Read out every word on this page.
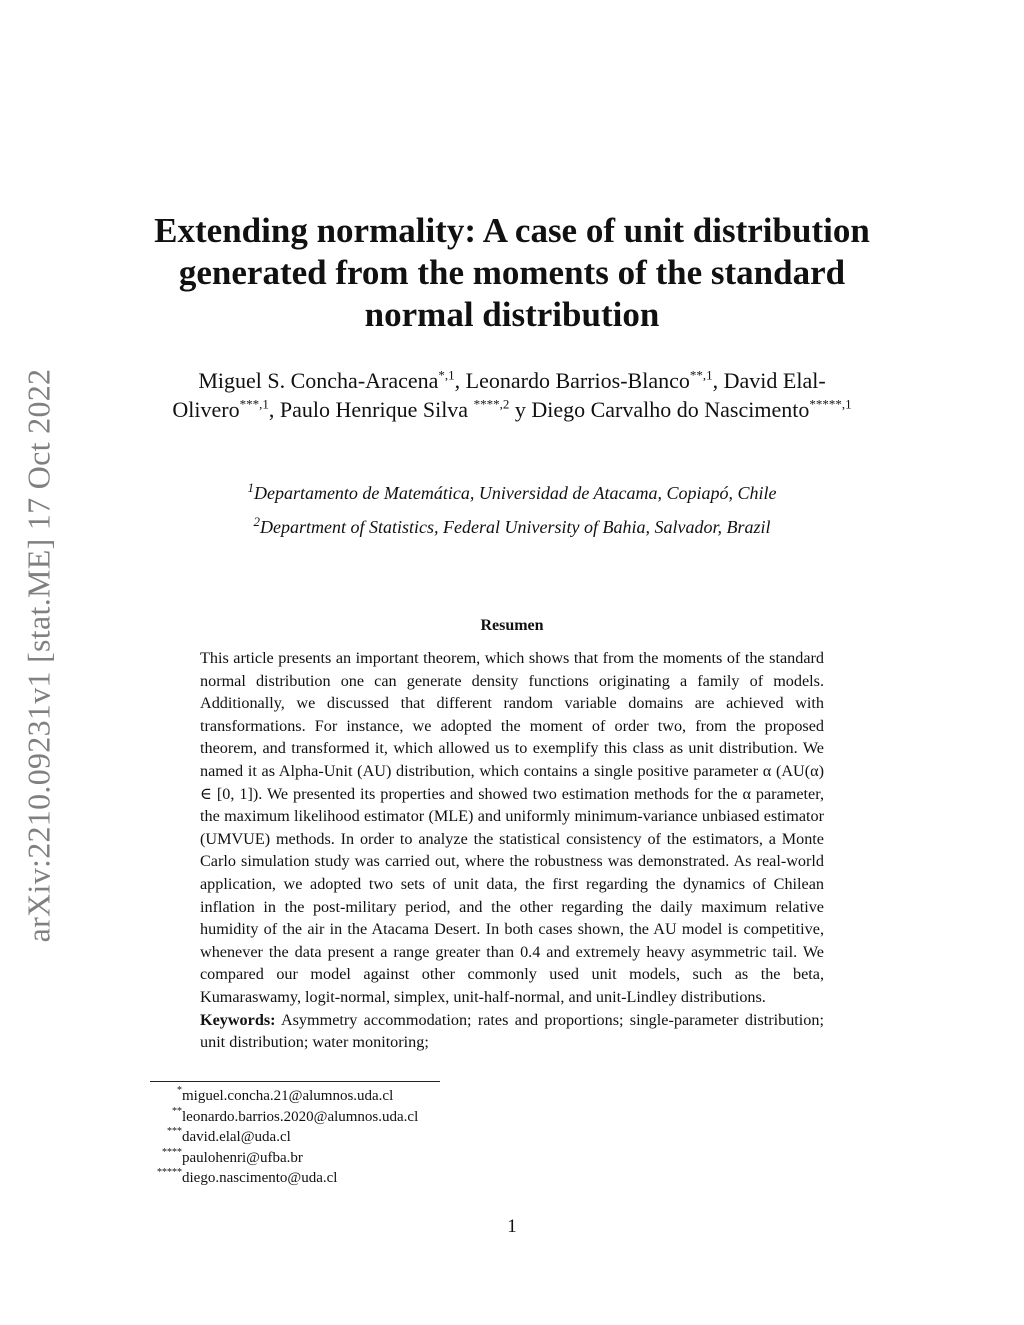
arXiv:2210.09231v1 [stat.ME] 17 Oct 2022
Extending normality: A case of unit distribution generated from the moments of the standard normal distribution
Miguel S. Concha-Aracena$^{*,1}$, Leonardo Barrios-Blanco$^{**,1}$, David Elal-Olivero$^{***,1}$, Paulo Henrique Silva $^{****,2}$ y Diego Carvalho do Nascimento$^{*****,1}$
$^1$Departamento de Matemática, Universidad de Atacama, Copiapó, Chile
$^2$Department of Statistics, Federal University of Bahia, Salvador, Brazil
Resumen

This article presents an important theorem, which shows that from the moments of the standard normal distribution one can generate density functions originating a family of models. Additionally, we discussed that different random variable domains are achieved with transformations. For instance, we adopted the moment of order two, from the proposed theorem, and transformed it, which allowed us to exemplify this class as unit distribution. We named it as Alpha-Unit (AU) distribution, which contains a single positive parameter α (AU(α) ∈ [0, 1]). We presented its properties and showed two estimation methods for the α parameter, the maximum likelihood estimator (MLE) and uniformly minimum-variance unbiased estimator (UMVUE) methods. In order to analyze the statistical consistency of the estimators, a Monte Carlo simulation study was carried out, where the robustness was demonstrated. As real-world application, we adopted two sets of unit data, the first regarding the dynamics of Chilean inflation in the post-military period, and the other regarding the daily maximum relative humidity of the air in the Atacama Desert. In both cases shown, the AU model is competitive, whenever the data present a range greater than 0.4 and extremely heavy asymmetric tail. We compared our model against other commonly used unit models, such as the beta, Kumaraswamy, logit-normal, simplex, unit-half-normal, and unit-Lindley distributions.

Keywords: Asymmetry accommodation; rates and proportions; single-parameter distribution; unit distribution; water monitoring;

* miguel.concha.21@alumnos.uda.cl
** leonardo.barrios.2020@alumnos.uda.cl
*** david.elal@uda.cl
**** paulohenri@ufba.br
***** diego.nascimento@uda.cl
1
